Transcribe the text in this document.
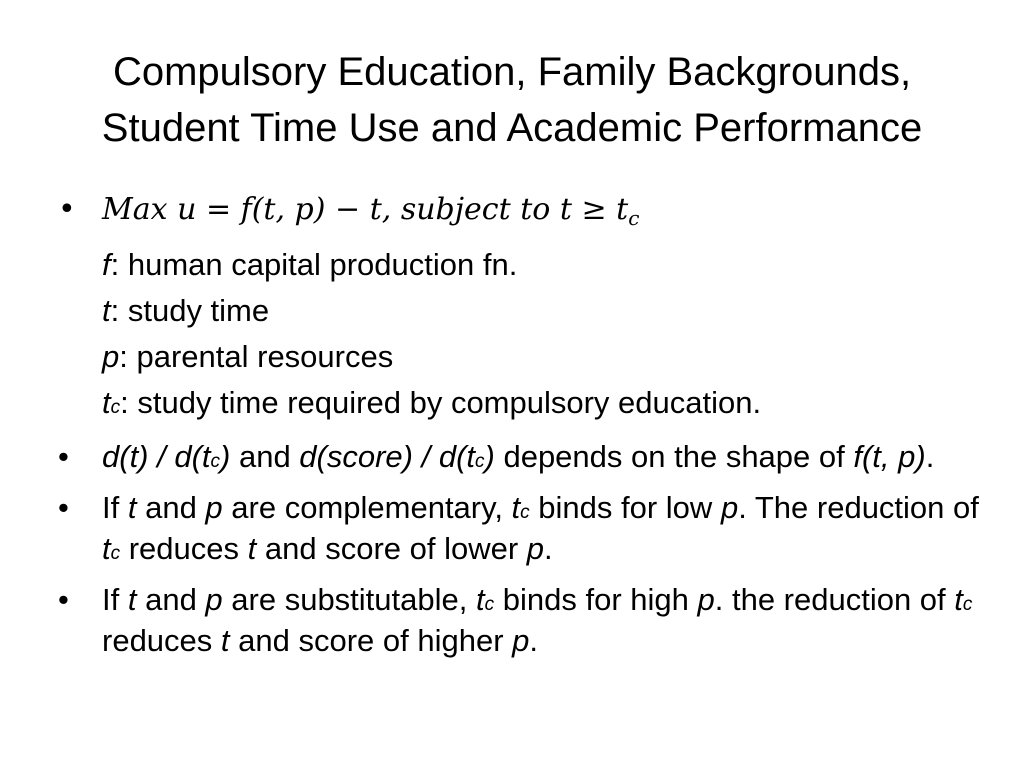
Compulsory Education, Family Backgrounds,
Student Time Use and Academic Performance
• Max u = f(t, p) − t, subject to $t \ge t_c$
f: human capital production fn.
t: study time
p: parental resources
tc: study time required by compulsory education.
•	d(t) / d(tc) and d(score) / d(tc) depends on the shape of f(t, p).
•	If t and p are complementary, tc binds for low p. The reduction of tc reduces t and score of lower p.
•	If t and p are substitutable, tc binds for high p. the reduction of tc reduces t and score of higher p.
